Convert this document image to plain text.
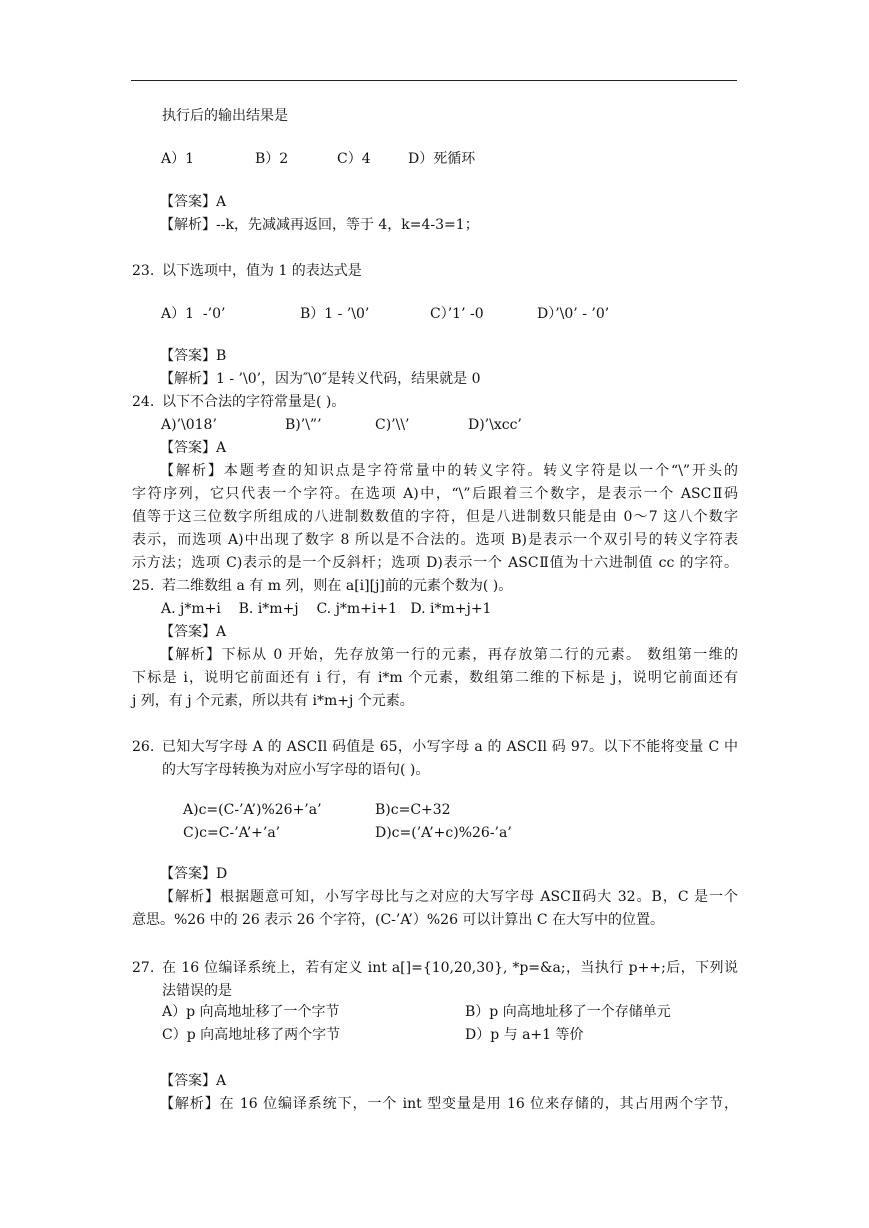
执行后的输出结果是
A）1	B）2	C）4	D）死循环
【答案】A
【解析】--k，先减减再返回，等于 4，k=4-3=1；
23. 以下选项中，值为 1 的表达式是
A）1  -’0’	B）1 - ’\0’	C）’1’ -0	D）’\0’ - ’0’
【答案】B
【解析】1 - ’\0’，因为″\0″是转义代码，结果就是 0
24. 以下不合法的字符常量是( )。
A)’\018’	B)’\”’	C)’\\’	D)’\xcc’
【答案】A
【解析】本题考查的知识点是字符常量中的转义字符。转义字符是以一个“\”开头的
字符序列，它只代表一个字符。在选项 A)中，“\”后跟着三个数字，是表示一个 ASCⅡ码
值等于这三位数字所组成的八进制数数值的字符，但是八进制数只能是由 0～7 这八个数字
表示，而选项 A)中出现了数字 8 所以是不合法的。选项 B)是表示一个双引号的转义字符表
示方法；选项 C)表示的是一个反斜杆；选项 D)表示一个 ASCⅡ值为十六进制值 cc 的字符。
25. 若二维数组 a 有 m 列，则在 a[i][j]前的元素个数为( )。
A. j*m+i    B. i*m+j    C. j*m+i+1   D. i*m+j+1
【答案】A
【解析】下标从 0 开始，先存放第一行的元素，再存放第二行的元素。 数组第一维的
下标是 i，说明它前面还有 i 行，有 i*m 个元素，数组第二维的下标是 j，说明它前面还有
j 列，有 j 个元素，所以共有 i*m+j 个元素。
26. 已知大写字母 A 的 ASCIl 码值是 65，小写字母 a 的 ASCIl 码 97。以下不能将变量 C 中
的大写字母转换为对应小写字母的语句( )。
A)c=(C-’A’)%26+’a’	B)c=C+32
C)c=C-’A’+’a’	D)c=(’A’+c)%26-’a’
【答案】D
【解析】根据题意可知，小写字母比与之对应的大写字母 ASCⅡ码大 32。B，C 是一个
意思。%26 中的 26 表示 26 个字符，(C-’A’）%26 可以计算出 C 在大写中的位置。
27. 在 16 位编译系统上，若有定义 int a[]={10,20,30}, *p=&a;，当执行 p++;后，下列说
法错误的是
A）p 向高地址移了一个字节	B）p 向高地址移了一个存储单元
C）p 向高地址移了两个字节	D）p 与 a+1 等价
【答案】A
【解析】在 16 位编译系统下，一个 int 型变量是用 16 位来存储的，其占用两个字节，
